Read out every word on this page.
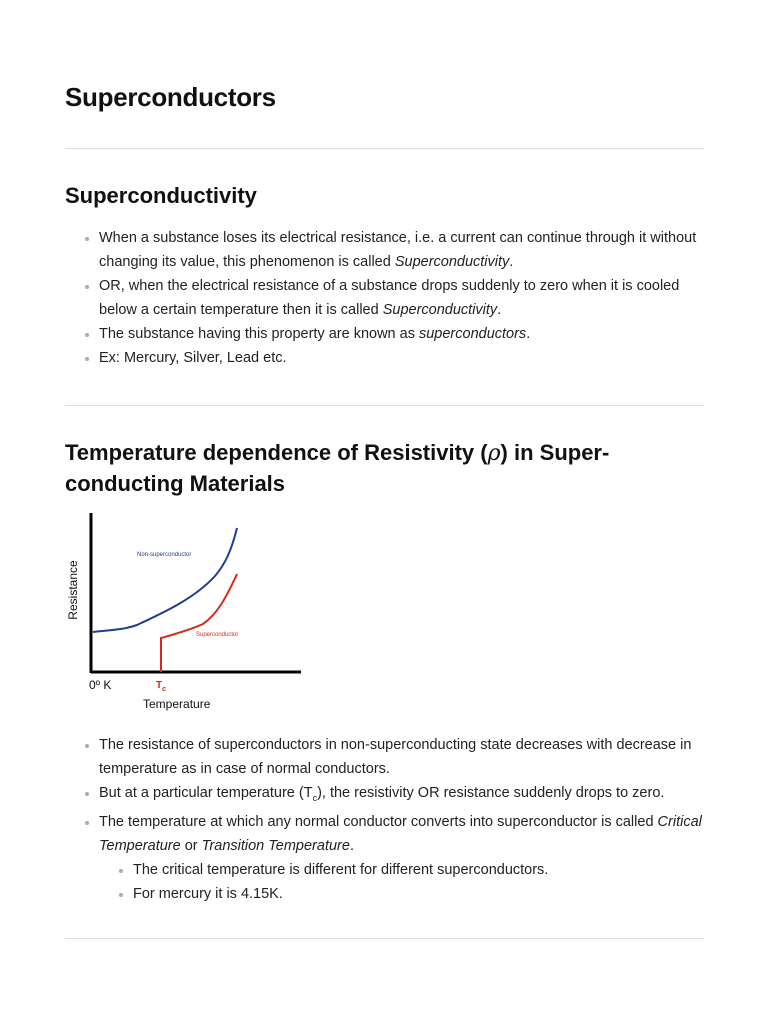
Superconductors
Superconductivity
When a substance loses its electrical resistance, i.e. a current can continue through it without changing its value, this phenomenon is called Superconductivity.
OR, when the electrical resistance of a substance drops suddenly to zero when it is cooled below a certain temperature then it is called Superconductivity.
The substance having this property are known as superconductors.
Ex: Mercury, Silver, Lead etc.
Temperature dependence of Resistivity (ρ) in Super-conducting Materials
Resistance
Non-superconductor
Superconductor
0º K	$T_c$
Temperature
The resistance of superconductors in non-superconducting state decreases with decrease in temperature as in case of normal conductors.
But at a particular temperature $(T_c)$, the resistivity OR resistance suddenly drops to zero.
The temperature at which any normal conductor converts into superconductor is called Critical Temperature or Transition Temperature.
The critical temperature is different for different superconductors.
For mercury it is 4.15K.
